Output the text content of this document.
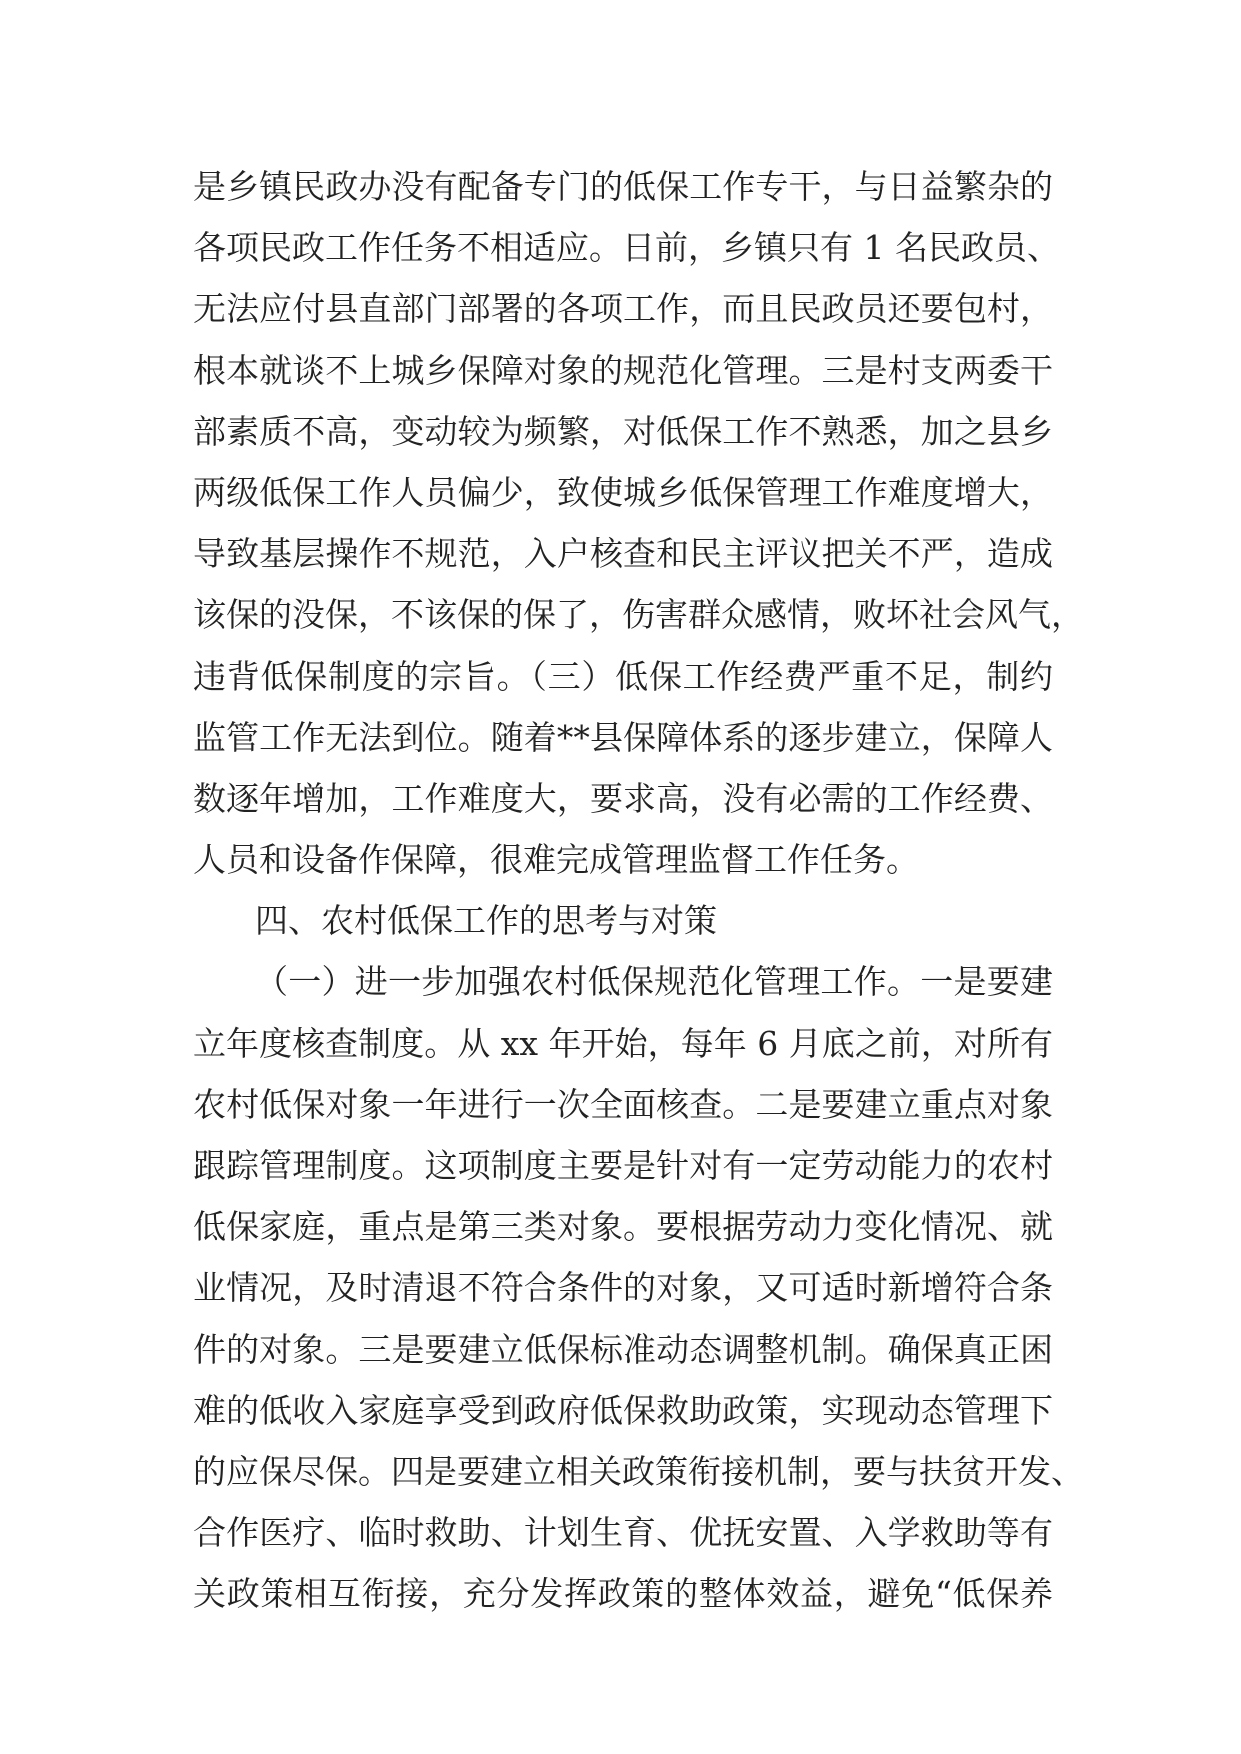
是乡镇民政办没有配备专门的低保工作专干，与日益繁杂的
各项民政工作任务不相适应。日前，乡镇只有 1 名民政员、
无法应付县直部门部署的各项工作，而且民政员还要包村，
根本就谈不上城乡保障对象的规范化管理。三是村支两委干
部素质不高，变动较为频繁，对低保工作不熟悉，加之县乡
两级低保工作人员偏少，致使城乡低保管理工作难度增大，
导致基层操作不规范，入户核查和民主评议把关不严，造成
该保的没保，不该保的保了，伤害群众感情，败坏社会风气，
违背低保制度的宗旨。（三）低保工作经费严重不足，制约
监管工作无法到位。随着**县保障体系的逐步建立，保障人
数逐年增加，工作难度大，要求高，没有必需的工作经费、
人员和设备作保障，很难完成管理监督工作任务。
四、农村低保工作的思考与对策
（一）进一步加强农村低保规范化管理工作。一是要建
立年度核查制度。从 xx 年开始，每年 6 月底之前，对所有
农村低保对象一年进行一次全面核查。二是要建立重点对象
跟踪管理制度。这项制度主要是针对有一定劳动能力的农村
低保家庭，重点是第三类对象。要根据劳动力变化情况、就
业情况，及时清退不符合条件的对象，又可适时新增符合条
件的对象。三是要建立低保标准动态调整机制。确保真正困
难的低收入家庭享受到政府低保救助政策，实现动态管理下
的应保尽保。四是要建立相关政策衔接机制，要与扶贫开发、
合作医疗、临时救助、计划生育、优抚安置、入学救助等有
关政策相互衔接，充分发挥政策的整体效益，避免“低保养
